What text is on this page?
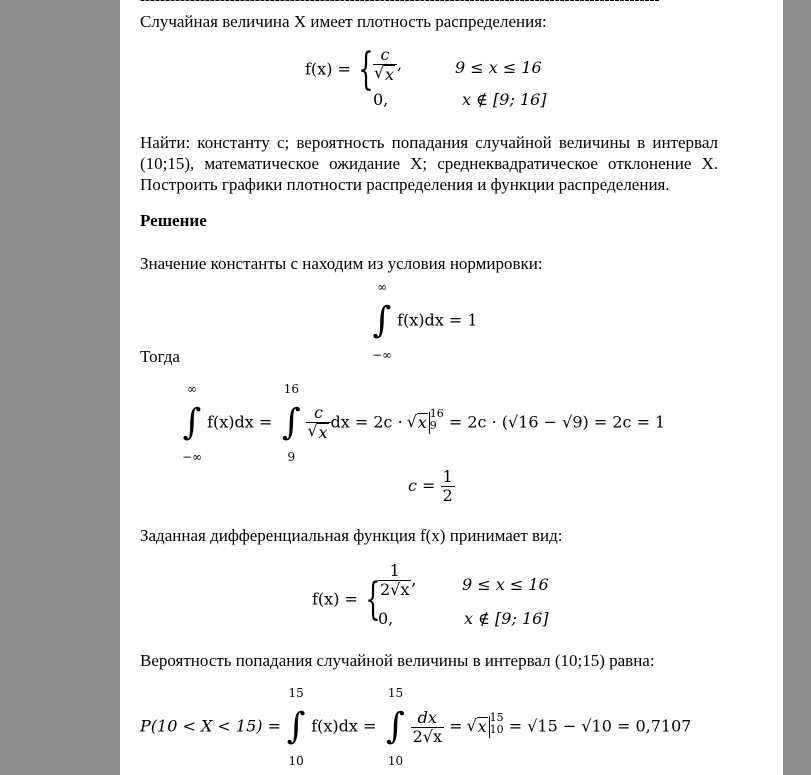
--------------------------------------------------------------------------------------------------------

Случайная величина X имеет плотность распределения:

f(x) = { c
√ x ,	9 ≤ x ≤ 16
0,	x ∉ [9; 16]

Найти: константу c; вероятность попадания случайной величины в интервал (10;15), математическое ожидание X; среднеквадратическое отклонение X. Построить графики плотности распределения и функции распределения.

Решение

Значение константы c находим из условия нормировки:

∞
∫
−∞
f(x)dx = 1

Тогда

∞
∫
−∞
f(x)dx =
16
∫
9

c
√ x dx = 2c · √ x 16
9 = 2c · (√16 − √9) = 2c = 1
$c = \frac{1}{2}$

Заданная дифференциальная функция f(x) принимает вид:

f(x) = {
$\frac{1}{2√x}$ ,	9 ≤ x ≤ 16
0,	x ∉ [9; 16]

Вероятность попадания случайной величины в интервал (10;15) равна:

P(10 < X < 15) =
15
∫
10
f(x)dx =
15
∫
10

$\frac{dx}{2√x}$ = √ x 15
10 = √15 − √10 = 0,7107
